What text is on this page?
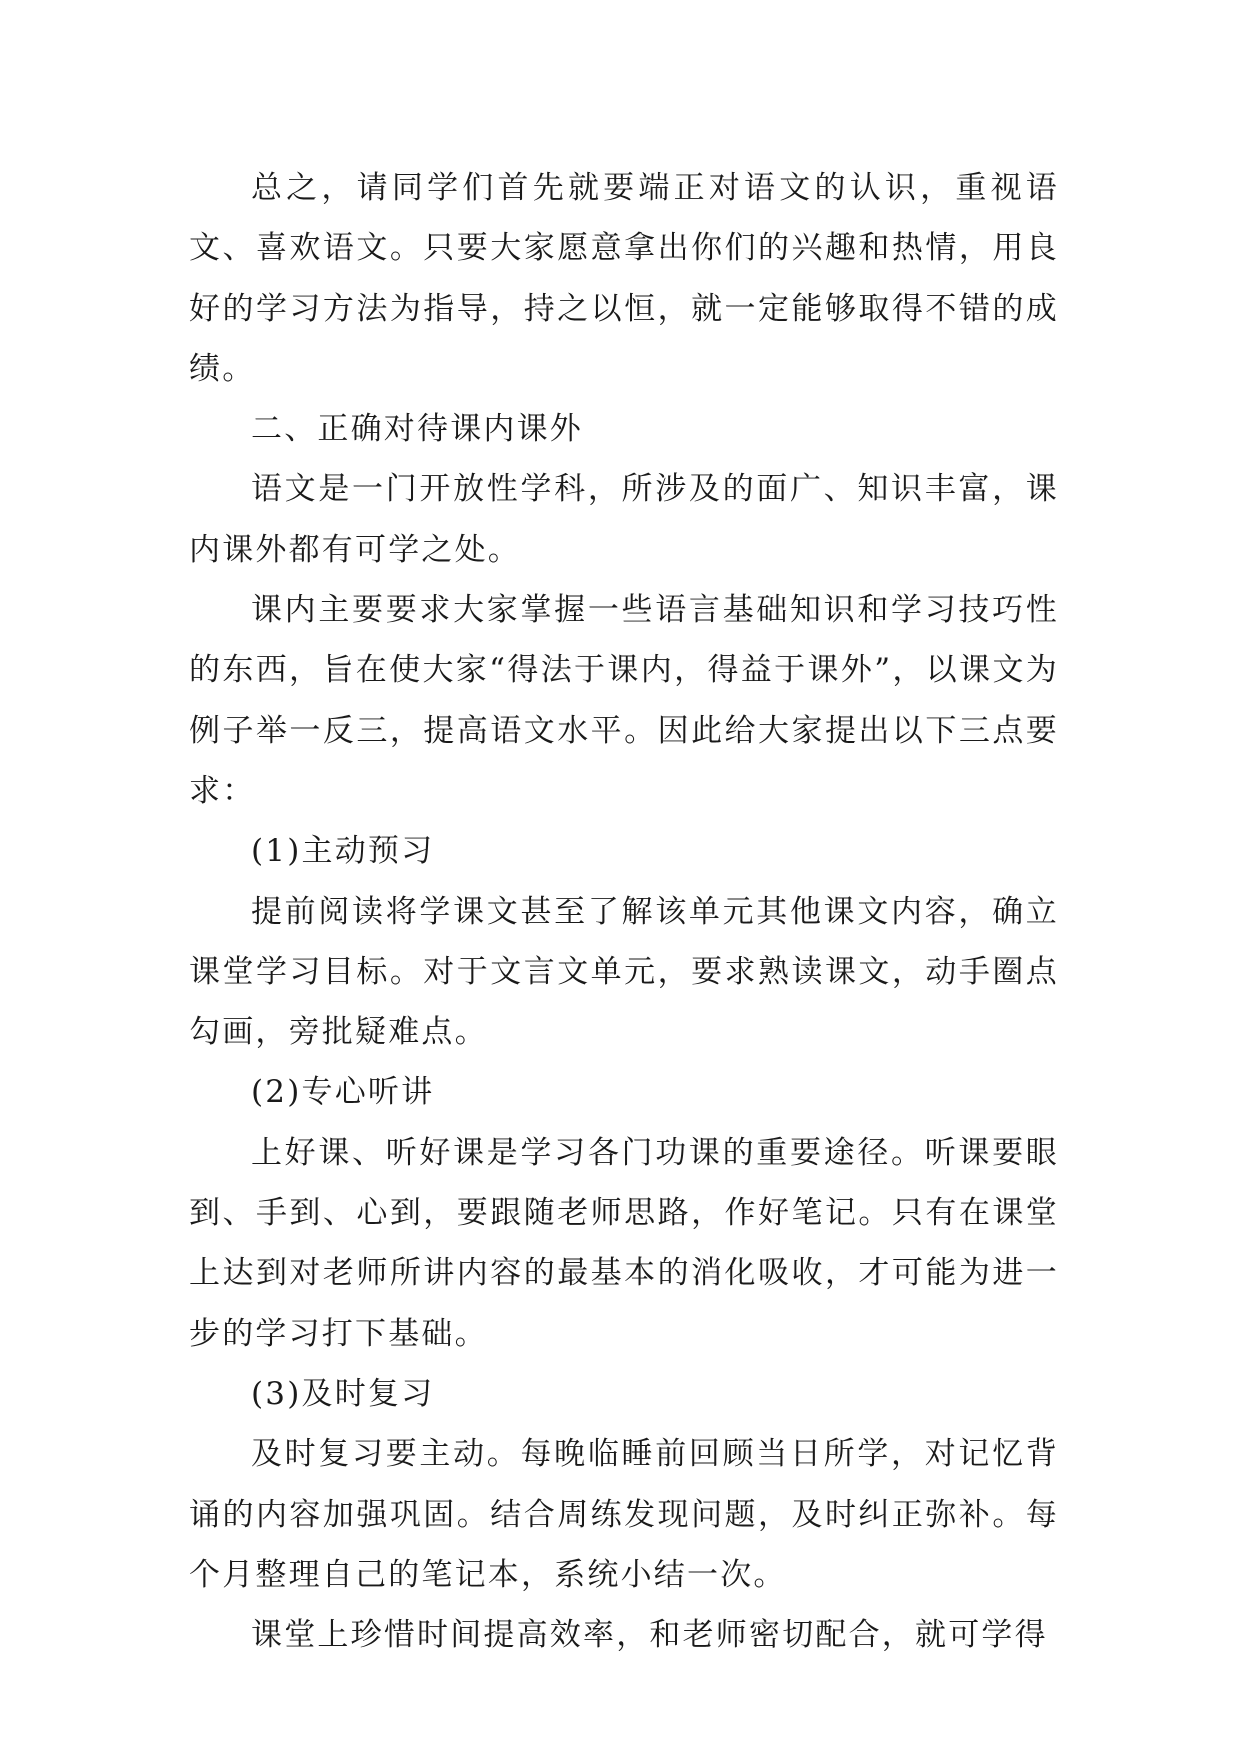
总之，请同学们首先就要端正对语文的认识，重视语文、喜欢语文。只要大家愿意拿出你们的兴趣和热情，用良好的学习方法为指导，持之以恒，就一定能够取得不错的成绩。

二、正确对待课内课外

语文是一门开放性学科，所涉及的面广、知识丰富，课内课外都有可学之处。

课内主要要求大家掌握一些语言基础知识和学习技巧性的东西，旨在使大家“得法于课内，得益于课外”，以课文为例子举一反三，提高语文水平。因此给大家提出以下三点要求：

(1)主动预习

提前阅读将学课文甚至了解该单元其他课文内容，确立课堂学习目标。对于文言文单元，要求熟读课文，动手圈点勾画，旁批疑难点。

(2)专心听讲

上好课、听好课是学习各门功课的重要途径。听课要眼到、手到、心到，要跟随老师思路，作好笔记。只有在课堂上达到对老师所讲内容的最基本的消化吸收，才可能为进一步的学习打下基础。

(3)及时复习

及时复习要主动。每晚临睡前回顾当日所学，对记忆背诵的内容加强巩固。结合周练发现问题，及时纠正弥补。每个月整理自己的笔记本，系统小结一次。

课堂上珍惜时间提高效率，和老师密切配合，就可学得
